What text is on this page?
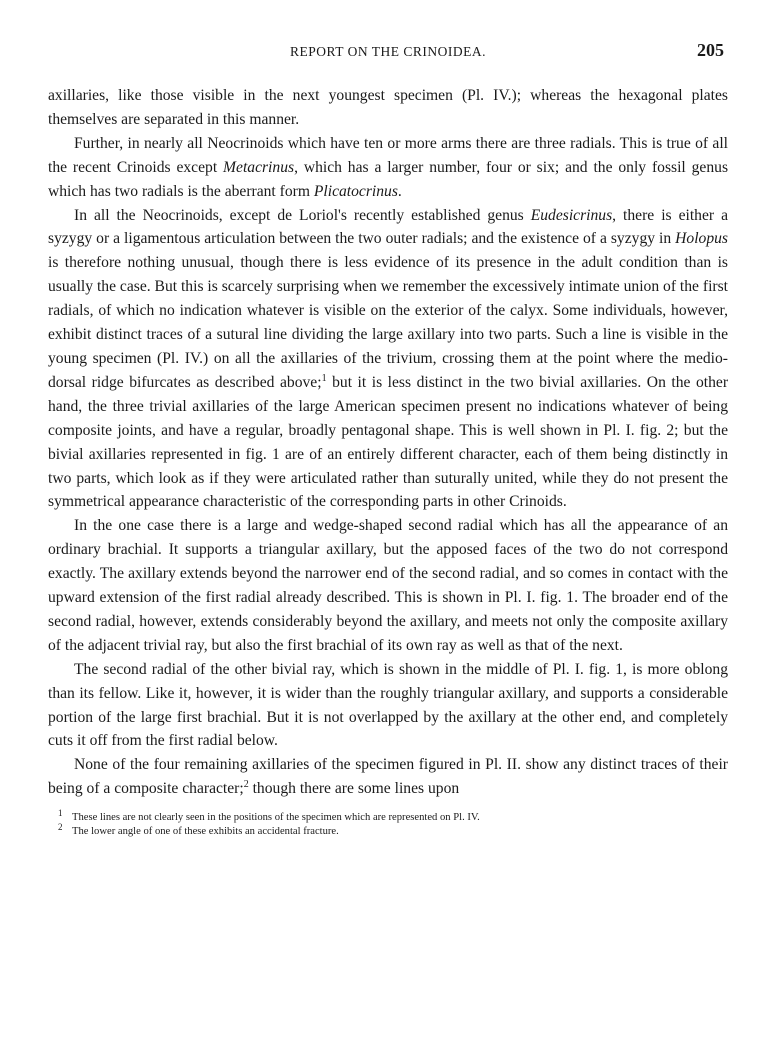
REPORT ON THE CRINOIDEA.	205

axillaries, like those visible in the next youngest specimen (Pl. IV.); whereas the hexagonal plates themselves are separated in this manner.

Further, in nearly all Neocrinoids which have ten or more arms there are three radials. This is true of all the recent Crinoids except Metacrinus, which has a larger number, four or six; and the only fossil genus which has two radials is the aberrant form Plicatocrinus.

In all the Neocrinoids, except de Loriol's recently established genus Eudesicrinus, there is either a syzygy or a ligamentous articulation between the two outer radials; and the existence of a syzygy in Holopus is therefore nothing unusual, though there is less evidence of its presence in the adult condition than is usually the case. But this is scarcely surprising when we remember the excessively intimate union of the first radials, of which no indication whatever is visible on the exterior of the calyx. Some individuals, however, exhibit distinct traces of a sutural line dividing the large axillary into two parts. Such a line is visible in the young specimen (Pl. IV.) on all the axillaries of the trivium, crossing them at the point where the medio-dorsal ridge bifurcates as described above;$^1$ but it is less distinct in the two bivial axillaries. On the other hand, the three trivial axillaries of the large American specimen present no indications whatever of being composite joints, and have a regular, broadly pentagonal shape. This is well shown in Pl. I. fig. 2; but the bivial axillaries represented in fig. 1 are of an entirely different character, each of them being distinctly in two parts, which look as if they were articulated rather than suturally united, while they do not present the symmetrical appearance characteristic of the corresponding parts in other Crinoids.

In the one case there is a large and wedge-shaped second radial which has all the appearance of an ordinary brachial. It supports a triangular axillary, but the apposed faces of the two do not correspond exactly. The axillary extends beyond the narrower end of the second radial, and so comes in contact with the upward extension of the first radial already described. This is shown in Pl. I. fig. 1. The broader end of the second radial, however, extends considerably beyond the axillary, and meets not only the composite axillary of the adjacent trivial ray, but also the first brachial of its own ray as well as that of the next.

The second radial of the other bivial ray, which is shown in the middle of Pl. I. fig. 1, is more oblong than its fellow. Like it, however, it is wider than the roughly triangular axillary, and supports a considerable portion of the large first brachial. But it is not overlapped by the axillary at the other end, and completely cuts it off from the first radial below.

None of the four remaining axillaries of the specimen figured in Pl. II. show any distinct traces of their being of a composite character;$^2$ though there are some lines upon

1 These lines are not clearly seen in the positions of the specimen which are represented on Pl. IV.
2 The lower angle of one of these exhibits an accidental fracture.
